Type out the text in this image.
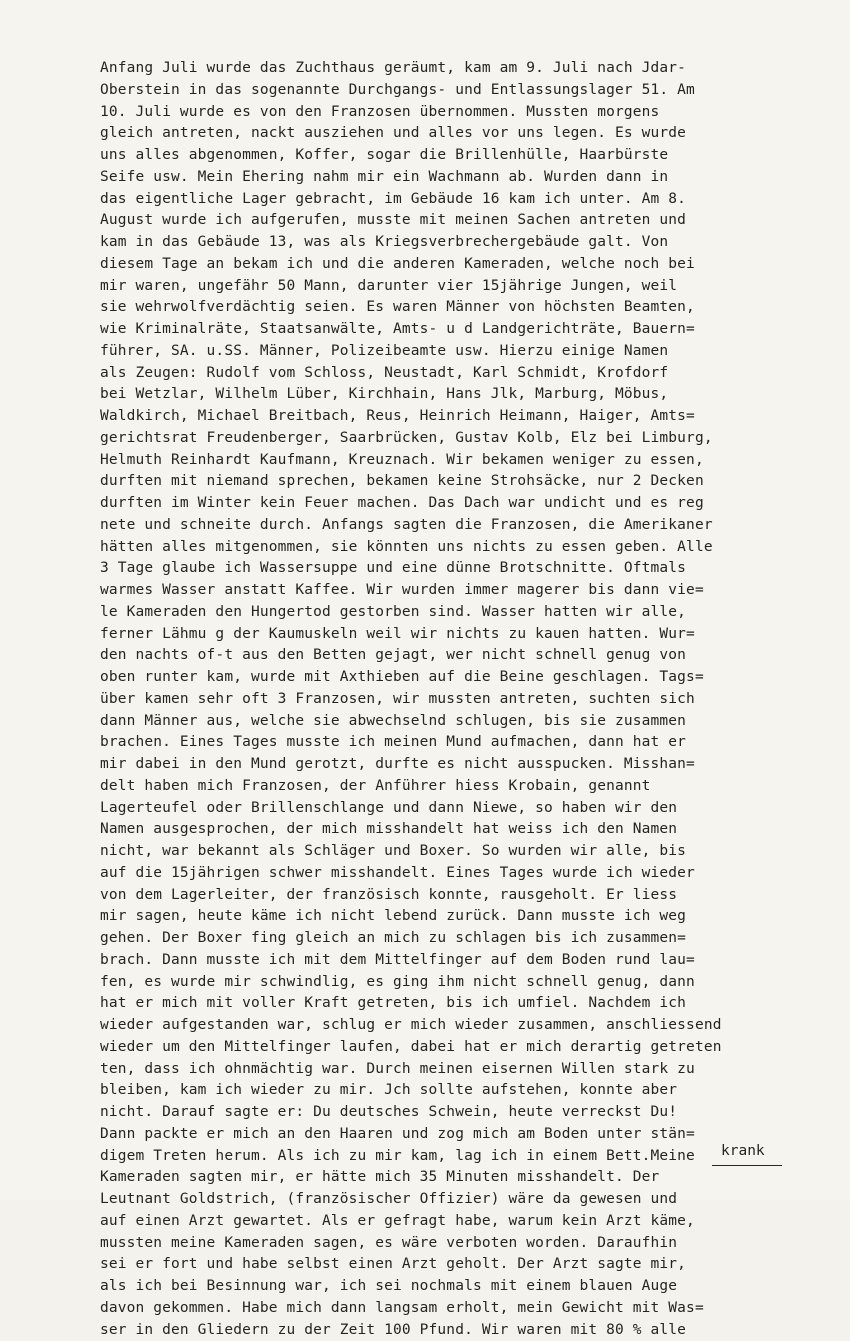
Anfang Juli wurde das Zuchthaus geräumt, kam am 9. Juli nach Jdar-
Oberstein in das sogenannte Durchgangs- und Entlassungslager 51. Am
10. Juli wurde es von den Franzosen übernommen. Mussten morgens
gleich antreten, nackt ausziehen und alles vor uns legen. Es wurde
uns alles abgenommen, Koffer, sogar die Brillenhülle, Haarbürste
Seife usw. Mein Ehering nahm mir ein Wachmann ab. Wurden dann in
das eigentliche Lager gebracht, im Gebäude 16 kam ich unter. Am 8.
August wurde ich aufgerufen, musste mit meinen Sachen antreten und
kam in das Gebäude 13, was als Kriegsverbrechergebäude galt. Von
diesem Tage an bekam ich und die anderen Kameraden, welche noch bei
mir waren, ungefähr 50 Mann, darunter vier 15jährige Jungen, weil
sie wehrwolfverdächtig seien. Es waren Männer von höchsten Beamten,
wie Kriminalräte, Staatsanwälte, Amts- u d Landgerichträte, Bauern=
führer, SA. u.SS. Männer, Polizeibeamte usw. Hierzu einige Namen
als Zeugen: Rudolf vom Schloss, Neustadt, Karl Schmidt, Krofdorf
bei Wetzlar, Wilhelm Lüber, Kirchhain, Hans Jlk, Marburg, Möbus,
Waldkirch, Michael Breitbach, Reus, Heinrich Heimann, Haiger, Amts=
gerichtsrat Freudenberger, Saarbrücken, Gustav Kolb, Elz bei Limburg,
Helmuth Reinhardt Kaufmann, Kreuznach. Wir bekamen weniger zu essen,
durften mit niemand sprechen, bekamen keine Strohsäcke, nur 2 Decken
durften im Winter kein Feuer machen. Das Dach war undicht und es reg
nete und schneite durch. Anfangs sagten die Franzosen, die Amerikaner
hätten alles mitgenommen, sie könnten uns nichts zu essen geben. Alle
3 Tage glaube ich Wassersuppe und eine dünne Brotschnitte. Oftmals
warmes Wasser anstatt Kaffee. Wir wurden immer magerer bis dann vie=
le Kameraden den Hungertod gestorben sind. Wasser hatten wir alle,
ferner Lähmu g der Kaumuskeln weil wir nichts zu kauen hatten. Wur=
den nachts of-t aus den Betten gejagt, wer nicht schnell genug von
oben runter kam, wurde mit Axthieben auf die Beine geschlagen. Tags=
über kamen sehr oft 3 Franzosen, wir mussten antreten, suchten sich
dann Männer aus, welche sie abwechselnd schlugen, bis sie zusammen
brachen. Eines Tages musste ich meinen Mund aufmachen, dann hat er
mir dabei in den Mund gerotzt, durfte es nicht ausspucken. Misshan=
delt haben mich Franzosen, der Anführer hiess Krobain, genannt
Lagerteufel oder Brillenschlange und dann Niewe, so haben wir den
Namen ausgesprochen, der mich misshandelt hat weiss ich den Namen
nicht, war bekannt als Schläger und Boxer. So wurden wir alle, bis
auf die 15jährigen schwer misshandelt. Eines Tages wurde ich wieder
von dem Lagerleiter, der französisch konnte, rausgeholt. Er liess
mir sagen, heute käme ich nicht lebend zurück. Dann musste ich weg
gehen. Der Boxer fing gleich an mich zu schlagen bis ich zusammen=
brach. Dann musste ich mit dem Mittelfinger auf dem Boden rund lau=
fen, es wurde mir schwindlig, es ging ihm nicht schnell genug, dann
hat er mich mit voller Kraft getreten, bis ich umfiel. Nachdem ich
wieder aufgestanden war, schlug er mich wieder zusammen, anschliessend
wieder um den Mittelfinger laufen, dabei hat er mich derartig getreten
ten, dass ich ohnmächtig war. Durch meinen eisernen Willen stark zu
bleiben, kam ich wieder zu mir. Jch sollte aufstehen, konnte aber
nicht. Darauf sagte er: Du deutsches Schwein, heute verreckst Du!
Dann packte er mich an den Haaren und zog mich am Boden unter stän=
digem Treten herum. Als ich zu mir kam, lag ich in einem Bett.Meine
Kameraden sagten mir, er hätte mich 35 Minuten misshandelt. Der
Leutnant Goldstrich, (französischer Offizier) wäre da gewesen und
auf einen Arzt gewartet. Als er gefragt habe, warum kein Arzt käme,
mussten meine Kameraden sagen, es wäre verboten worden. Daraufhin
sei er fort und habe selbst einen Arzt geholt. Der Arzt sagte mir,
als ich bei Besinnung war, ich sei nochmals mit einem blauen Auge
davon gekommen. Habe mich dann langsam erholt, mein Gewicht mit Was=
ser in den Gliedern zu der Zeit 100 Pfund. Wir waren mit 80 % alle
krank
